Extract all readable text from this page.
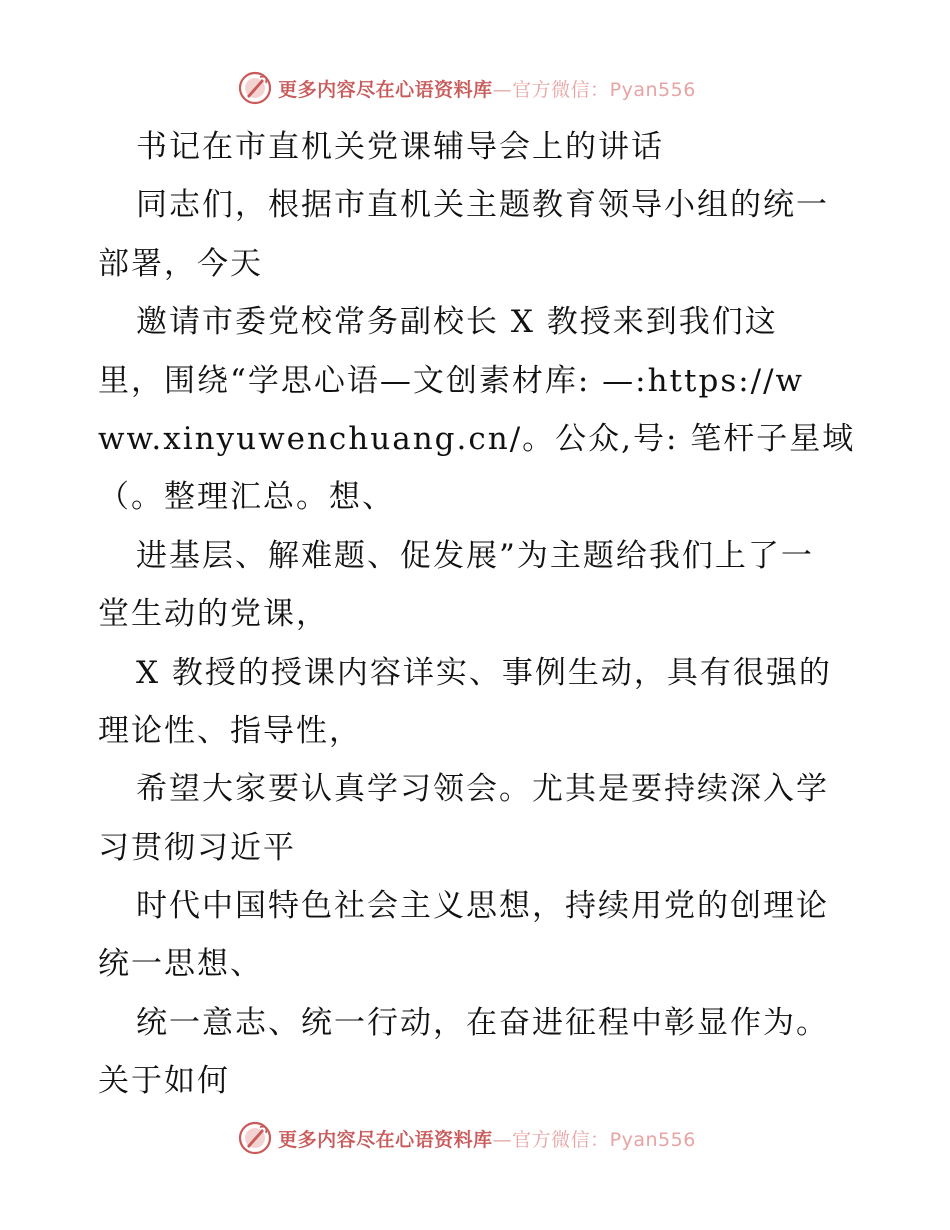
更多内容尽在心语资料库—官方微信：Pyan556
书记在市直机关党课辅导会上的讲话
同志们，根据市直机关主题教育领导小组的统一
部署，今天
邀请市委党校常务副校长 X 教授来到我们这
里，围绕“学思心语—文创素材库: —:https://w
ww.xinyuwenchuang.cn/。公众,号: 笔杆子星域
（。整理汇总。想、
进基层、解难题、促发展”为主题给我们上了一
堂生动的党课，
X 教授的授课内容详实、事例生动，具有很强的
理论性、指导性，
希望大家要认真学习领会。尤其是要持续深入学
习贯彻习近平
时代中国特色社会主义思想，持续用党的创理论
统一思想、
统一意志、统一行动，在奋进征程中彰显作为。
关于如何
更多内容尽在心语资料库—官方微信：Pyan556
